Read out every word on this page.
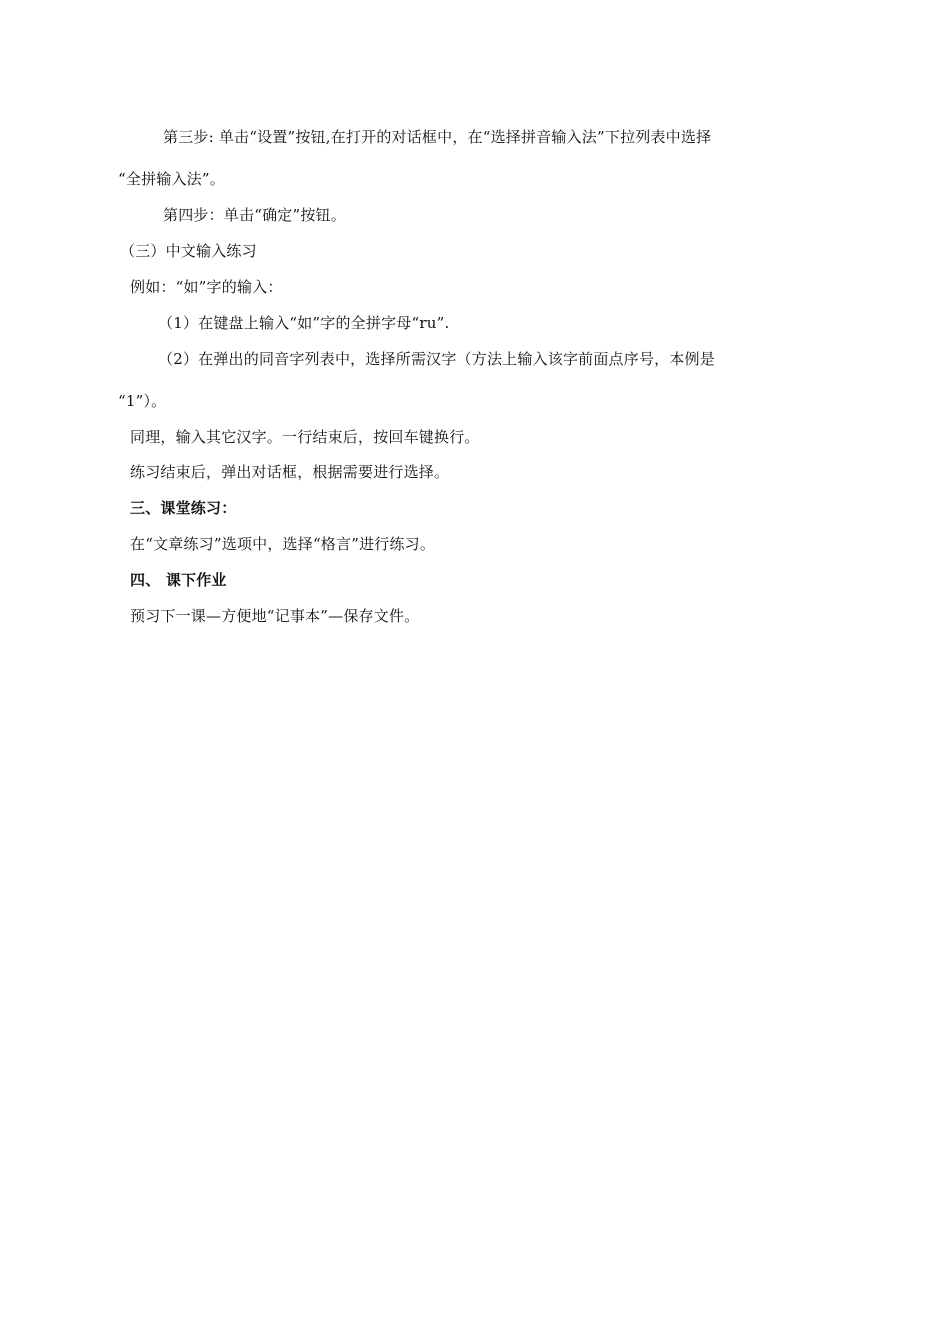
第三步: 单击“设置”按钮,在打开的对话框中，在“选择拼音输入法”下拉列表中选择
“全拼输入法”。
第四步：单击“确定”按钮。
（三）中文输入练习
例如：“如”字的输入：
（1）在键盘上输入“如”字的全拼字母“ru”.
（2）在弹出的同音字列表中，选择所需汉字（方法上输入该字前面点序号，本例是
“1”）。
同理，输入其它汉字。一行结束后，按回车键换行。
练习结束后，弹出对话框，根据需要进行选择。
三、课堂练习：
在“文章练习”选项中，选择“格言”进行练习。
四、 课下作业
预习下一课—方便地“记事本”—保存文件。
